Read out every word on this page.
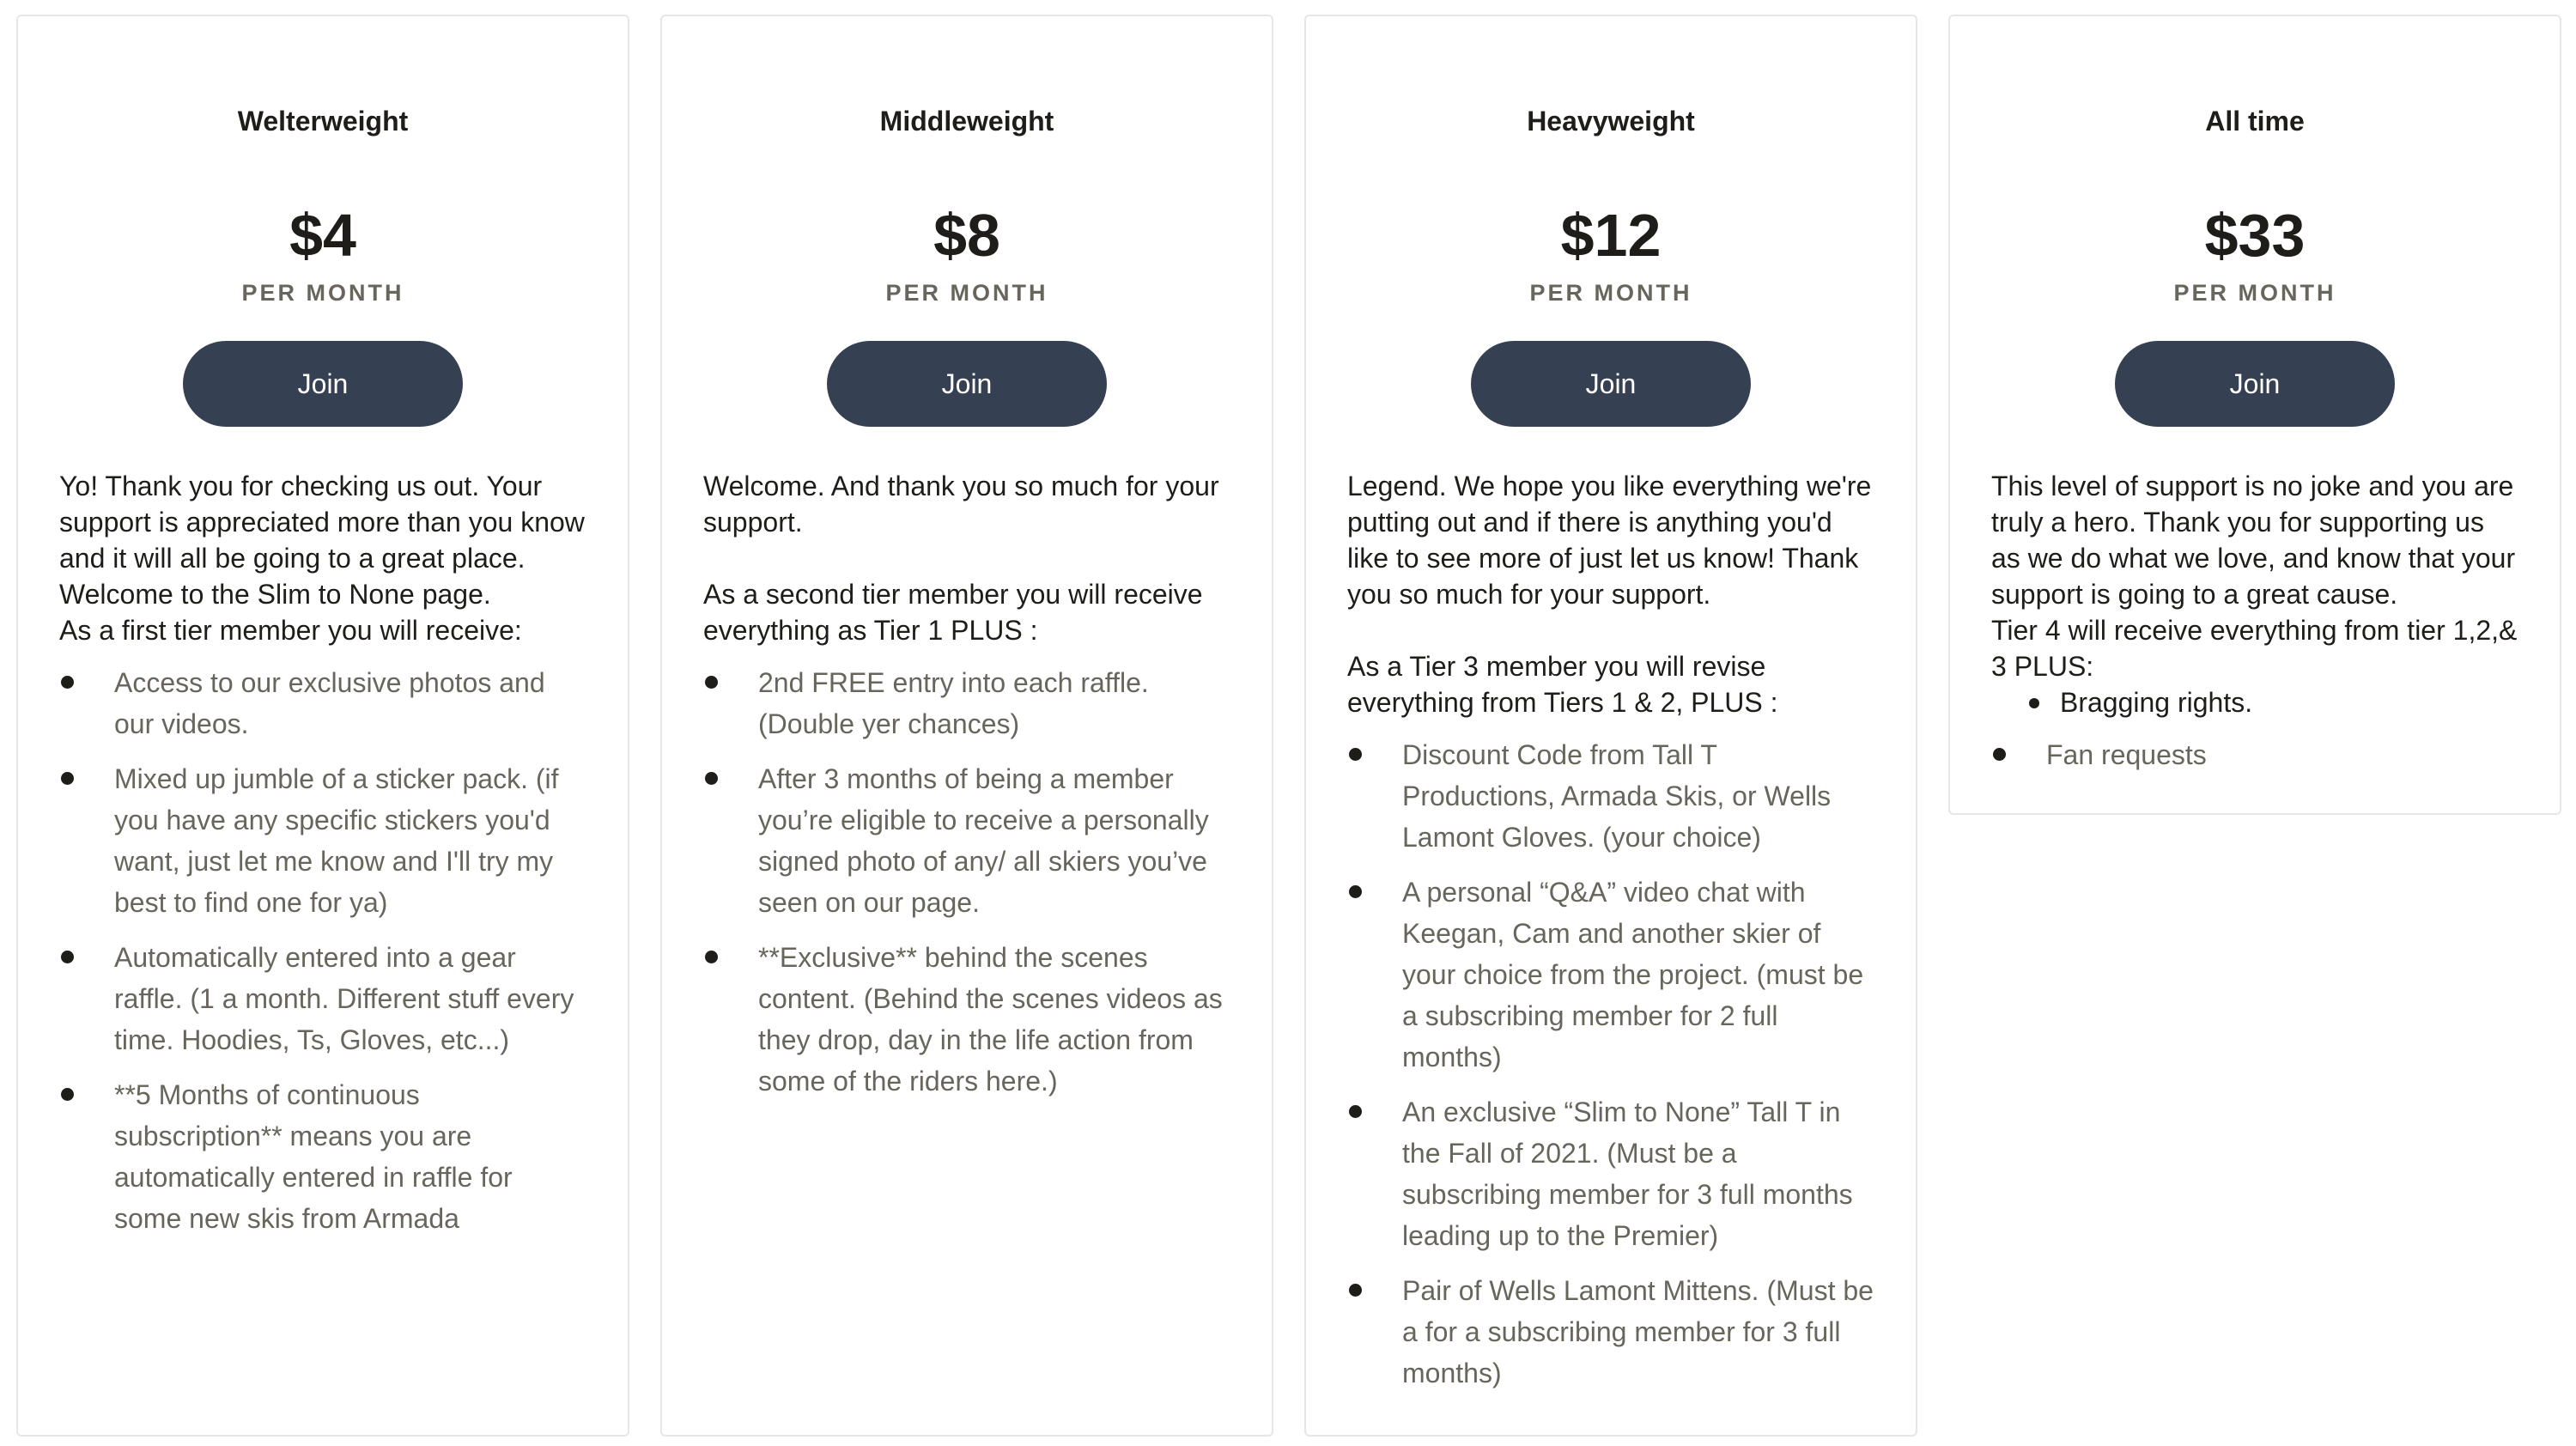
Welterweight
$4
PER MONTH
Join

Yo! Thank you for checking us out. Your support is appreciated more than you know and it will all be going to a great place.

Welcome to the Slim to None page.

As a first tier member you will receive:

Access to our exclusive photos and our videos.
Mixed up jumble of a sticker pack. (if you have any specific stickers you'd want, just let me know and I'll try my best to find one for ya)
Automatically entered into a gear raffle. (1 a month. Different stuff every time. Hoodies, Ts, Gloves, etc...)
**5 Months of continuous subscription** means you are automatically entered in raffle for some new skis from Armada
Middleweight
$8
PER MONTH
Join

Welcome. And thank you so much for your support.

As a second tier member you will receive everything as Tier 1 PLUS :

2nd FREE entry into each raffle. (Double yer chances)
After 3 months of being a member you’re eligible to receive a personally signed photo of any/ all skiers you’ve seen on our page.
**Exclusive** behind the scenes content. (Behind the scenes videos as they drop, day in the life action from some of the riders here.)
Heavyweight
$12
PER MONTH
Join

Legend. We hope you like everything we're putting out and if there is anything you'd like to see more of just let us know! Thank you so much for your support.

As a Tier 3 member you will revise everything from Tiers 1 & 2, PLUS :

Discount Code from Tall T Productions, Armada Skis, or Wells Lamont Gloves. (your choice)
A personal “Q&A” video chat with Keegan, Cam and another skier of your choice from the project. (must be a subscribing member for 2 full months)
An exclusive “Slim to None” Tall T in the Fall of 2021. (Must be a subscribing member for 3 full months leading up to the Premier)
Pair of Wells Lamont Mittens. (Must be a for a subscribing member for 3 full months)
All time
$33
PER MONTH
Join

This level of support is no joke and you are truly a hero. Thank you for supporting us as we do what we love, and know that your support is going to a great cause.

Tier 4 will receive everything from tier 1,2,& 3 PLUS:

Bragging rights.
Fan requests
